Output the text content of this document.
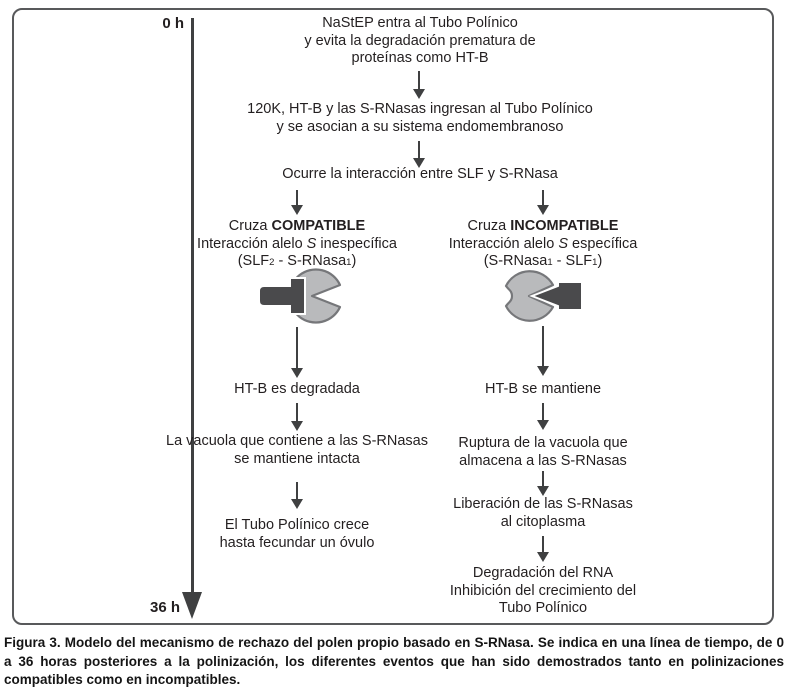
0 h
36 h
NaStEP entra al Tubo Polínico
y evita la degradación prematura de
proteínas como HT-B
120K, HT-B y las S-RNasas ingresan al Tubo Polínico
y se asocian a su sistema endomembranoso
Ocurre la interacción entre SLF y S-RNasa
Cruza COMPATIBLE
Interacción alelo S inespecífica
(SLF2 - S-RNasa1)
Cruza INCOMPATIBLE
Interacción alelo S específica
(S-RNasa1 - SLF1)
HT-B es degradada	HT-B se mantiene
La vacuola que contiene a las S-RNasas
se mantiene intacta
Ruptura de la vacuola que
almacena a las S-RNasas
Liberación de las S-RNasas
al citoplasma
El Tubo Polínico crece
hasta fecundar un óvulo
Degradación del RNA
Inhibición del crecimiento del
Tubo Polínico
Figura 3. Modelo del mecanismo de rechazo del polen propio basado en S-RNasa. Se indica en una línea de tiempo, de 0 a 36 horas posteriores a la polinización, los diferentes eventos que han sido demostrados tanto en polinizaciones compatibles como en incompatibles.
